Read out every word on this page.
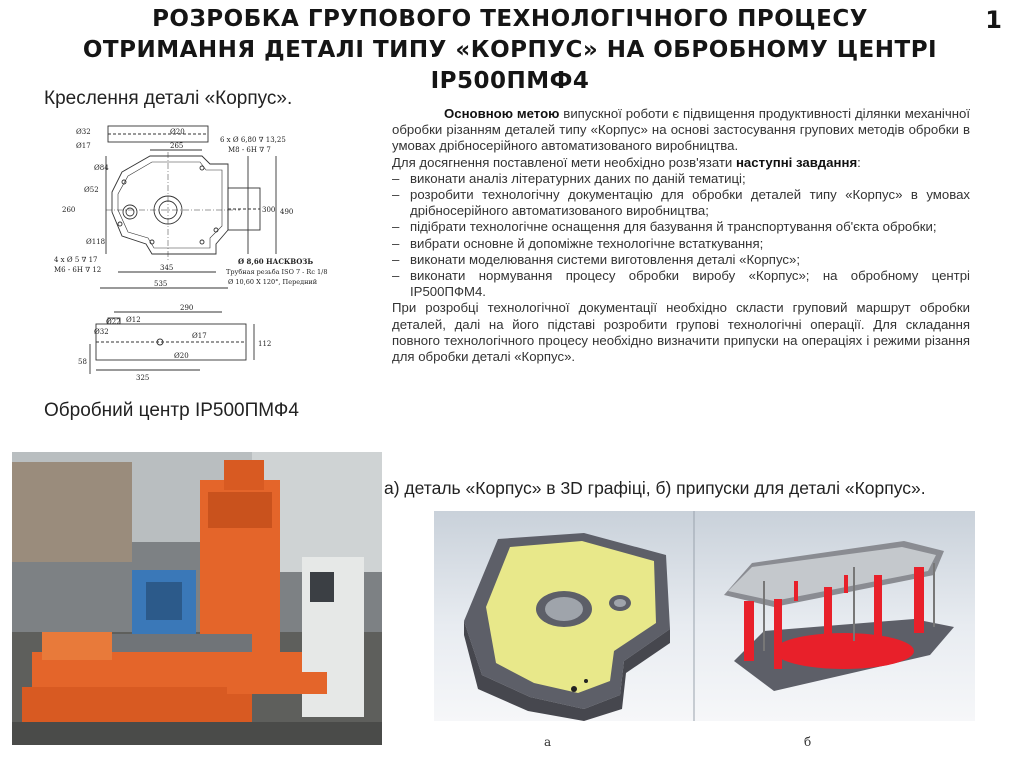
РОЗРОБКА ГРУПОВОГО ТЕХНОЛОГІЧНОГО ПРОЦЕСУ
ОТРИМАННЯ ДЕТАЛІ ТИПУ «КОРПУС» НА ОБРОБНОМУ ЦЕНТРІ
ІР500ПМФ4
1
Креслення деталі «Корпус».
Ø32	Ø20
Ø17
Ø84
265
Ø52
260	300 490
Ø118
345
535
290
Ø12
Ø22
Ø32	Ø17
Ø20
325
112
58
6 x Ø 6,80 ∇ 13,25
M8 - 6H ∇ 7
4 x Ø 5 ∇ 17
M6 - 6H ∇ 12
Ø 8,60 НАСКВОЗЬ
Трубная резьба ISO 7 - Rc 1/8
Ø 10,60 X 120°, Передний

Основною метою випускної роботи є підвищення продуктивності ділянки механічної обробки різанням деталей типу «Корпус» на основі застосування групових методів обробки в умовах дрібносерійного автоматизованого виробництва.

Для досягнення поставленої мети необхідно розв'язати наступні завдання:

– виконати аналіз літературних даних по даній тематиці;
– розробити технологічну документацію для обробки деталей типу «Корпус» в умовах дрібносерійного автоматизованого виробництва;
– підібрати технологічне оснащення для базування й транспортування об'єкта обробки;
– вибрати основне й допоміжне технологічне встаткування;
– виконати моделювання системи виготовлення деталі «Корпус»;
– виконати нормування процесу обробки виробу «Корпус»; на обробному центрі ІР500ПФМ4.

При розробці технологічної документації необхідно скласти груповий маршрут обробки деталей, далі на його підставі розробити групові технологічні операції. Для складання повного технологічного процесу необхідно визначити припуски на операціях і режими різання для обробки деталі «Корпус».

Обробний центр ІР500ПМФ4
а) деталь «Корпус» в 3D графіці, б) припуски для деталі «Корпус».
а	б
